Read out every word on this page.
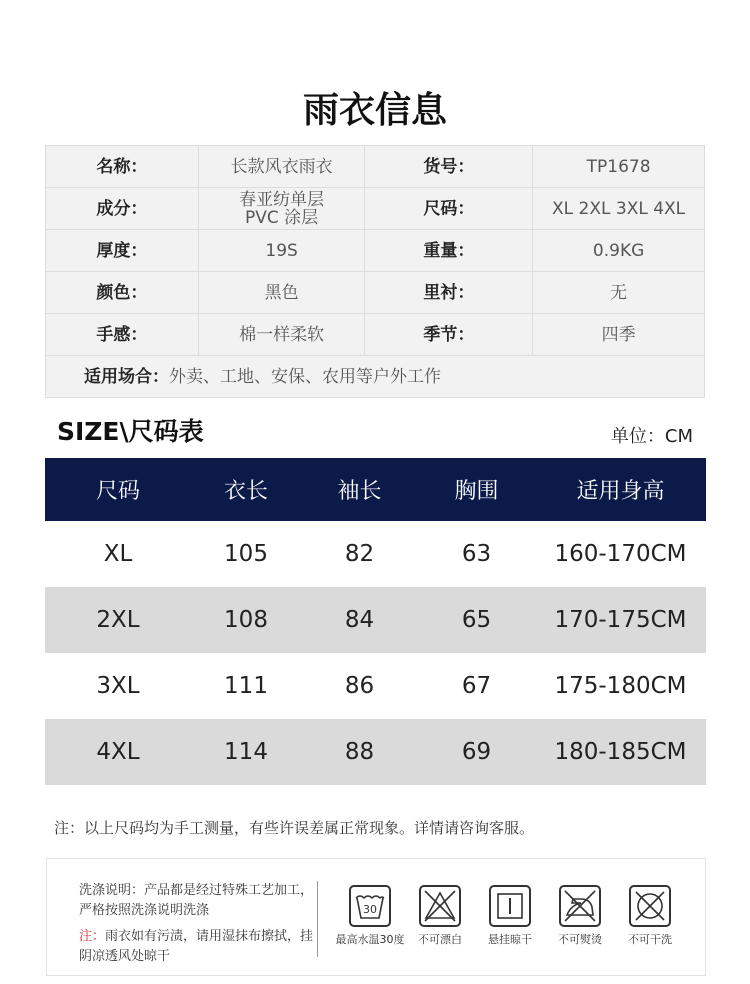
雨衣信息
名称：	长款风衣雨衣	货号：	TP1678
成分：	春亚纺单层
PVC 涂层	尺码：	XL 2XL 3XL 4XL
厚度：	19S	重量：	0.9KG
颜色：	黑色	里衬：	无
手感：	棉一样柔软	季节：	四季
适用场合：外卖、工地、安保、农用等户外工作			
SIZE\尺码表	单位：CM
尺码	衣长	袖长	胸围	适用身高
XL	105	82	63	160-170CM
2XL	108	84	65	170-175CM
3XL	111	86	67	175-180CM
4XL	114	88	69	180-185CM
注：以上尺码均为手工测量，有些许误差属正常现象。详情请咨询客服。
洗涤说明：产品都是经过特殊工艺加工，严格按照洗涤说明洗涤
注：雨衣如有污渍，请用湿抹布擦拭，挂阴凉透风处晾干
30
最高水温30度	不可漂白	悬挂晾干	不可熨烫	不可干洗
